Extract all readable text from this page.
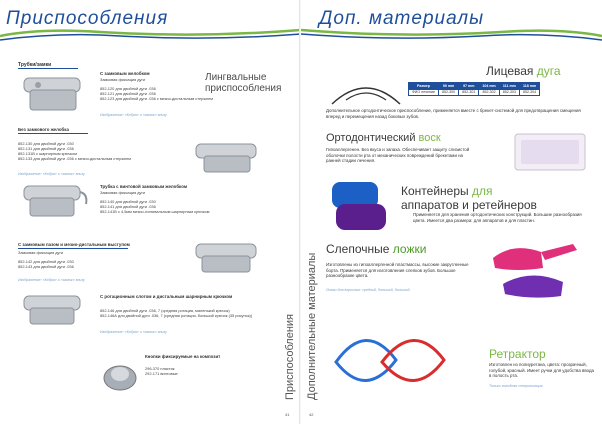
Приспособления
Трубки/замки
С замковым желобком
Замковая фиксация дуги
852-120 для двойной дуги .036
852-121 для двойной дуги .036
852-123 для двойной дуги .036 с мезио-дистальным стержнем
Изображение: «Кобра» и «замок» внизу
Лингвальные
приспособления
Без замкового желобка
852-130 для двойной дуги .030
852-131 для двойной дуги .036
852-131В с шарнирным крючком
852-133 для двойной дуги .036 с мезио-дистальным стержнем
Изображение: «Кобра» и «замок» внизу
Трубка с винтовой замковым желобком
Замковая фиксация дуги
852-140 для двойной дуги .030
852-141 для двойной дуги .036
852-141В с 4,5мм мезио-гингивальным шарнирным крючком
С замковым пазом и мезио-дистальным выступом
Замковая фиксация дуги
852-142 для двойной дуги .030
852-143 для двойной дуги .036
Изображение: «Кобра» и «замок» внизу
С ротационным слотом и дистальным шарнирным крючком
852-146 для двойной дуги .036, 7 (средняя ротация, маленький крючок)
852-146А для двойной дуги .036, 7 (средняя ротация, большой крючок (35 рисунок))
Изображение: «Кобра» и «замок» внизу
Кнопки фиксируемые на композит
296-370 пластик
292-171 винтовые	Приспособления
41
Доп. материалы
Дополнительные материалы
Лицевая дуга
Размер	90 mm	97 mm	104 mm	111 mm	118 mm
ФИО лечение	852-300	852-301	852-302	852-303	852-304
Дополнительное ортодонтическое приспособление, применяется вместе с брекет-системой для предотвращения смещения вперед и перемещения назад боковых зубов.
Ортодонтический воск
Гипоаллергенен. Без вкуса и запаха. Обеспечивает защиту слизистой оболочки полости рта от механических повреждений брекетами на ранней стадии лечения.
Контейнеры для
аппаратов и ретейнеров
Применяется для хранения ортодонтических конструкций. Большие разнообразия цвета. Имеется два размера: для аппаратов и для пластин.
Слепочные ложки
Изготовлены из гипоаллергенной пластмассы, высокие закругленные борта. Применяется для изготовления слепков зубов. Большое разнообразие цвета.
Ложки для взрослых: средний, большой, большой
Ретрактор
Изготовлен из полиуретана, цвета: прозрачный, голубой, красный. Имеет ручки для удобства ввода в полость рта.
Только холодная стерилизация
42
